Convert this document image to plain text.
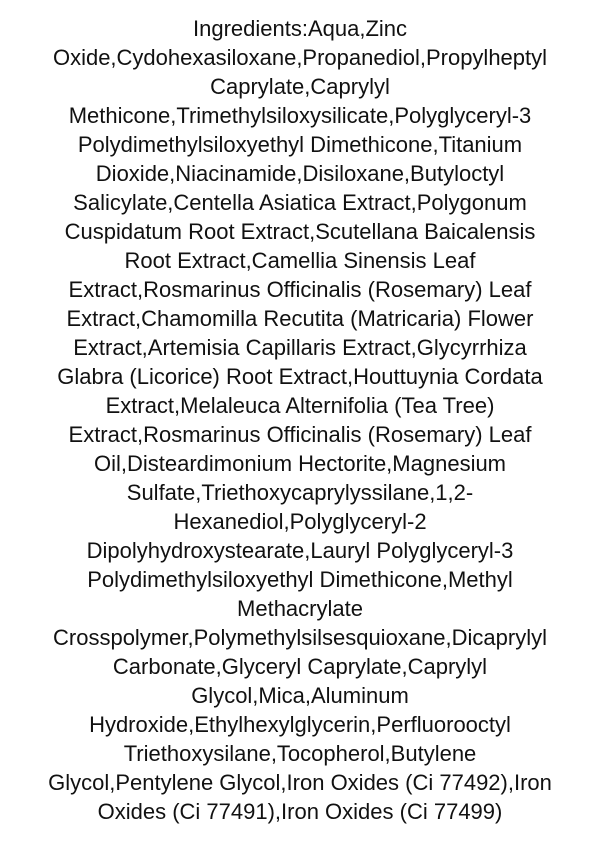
Ingredients:Aqua,Zinc
Oxide,Cydohexasiloxane,Propanediol,Propylheptyl
Caprylate,Caprylyl
Methicone,Trimethylsiloxysilicate,Polyglyceryl-3
Polydimethylsiloxyethyl Dimethicone,Titanium
Dioxide,Niacinamide,Disiloxane,Butyloctyl
Salicylate,Centella Asiatica Extract,Polygonum
Cuspidatum Root Extract,Scutellana Baicalensis
Root Extract,Camellia Sinensis Leaf
Extract,Rosmarinus Officinalis (Rosemary) Leaf
Extract,Chamomilla Recutita (Matricaria) Flower
Extract,Artemisia Capillaris Extract,Glycyrrhiza
Glabra (Licorice) Root Extract,Houttuynia Cordata
Extract,Melaleuca Alternifolia (Tea Tree)
Extract,Rosmarinus Officinalis (Rosemary) Leaf
Oil,Disteardimonium Hectorite,Magnesium
Sulfate,Triethoxycaprylyssilane,1,2-
Hexanediol,Polyglyceryl-2
Dipolyhydroxystearate,Lauryl Polyglyceryl-3
Polydimethylsiloxyethyl Dimethicone,Methyl
Methacrylate
Crosspolymer,Polymethylsilsesquioxane,Dicaprylyl
Carbonate,Glyceryl Caprylate,Caprylyl
Glycol,Mica,Aluminum
Hydroxide,Ethylhexylglycerin,Perfluorooctyl
Triethoxysilane,Tocopherol,Butylene
Glycol,Pentylene Glycol,Iron Oxides (Ci 77492),Iron
Oxides (Ci 77491),Iron Oxides (Ci 77499)
